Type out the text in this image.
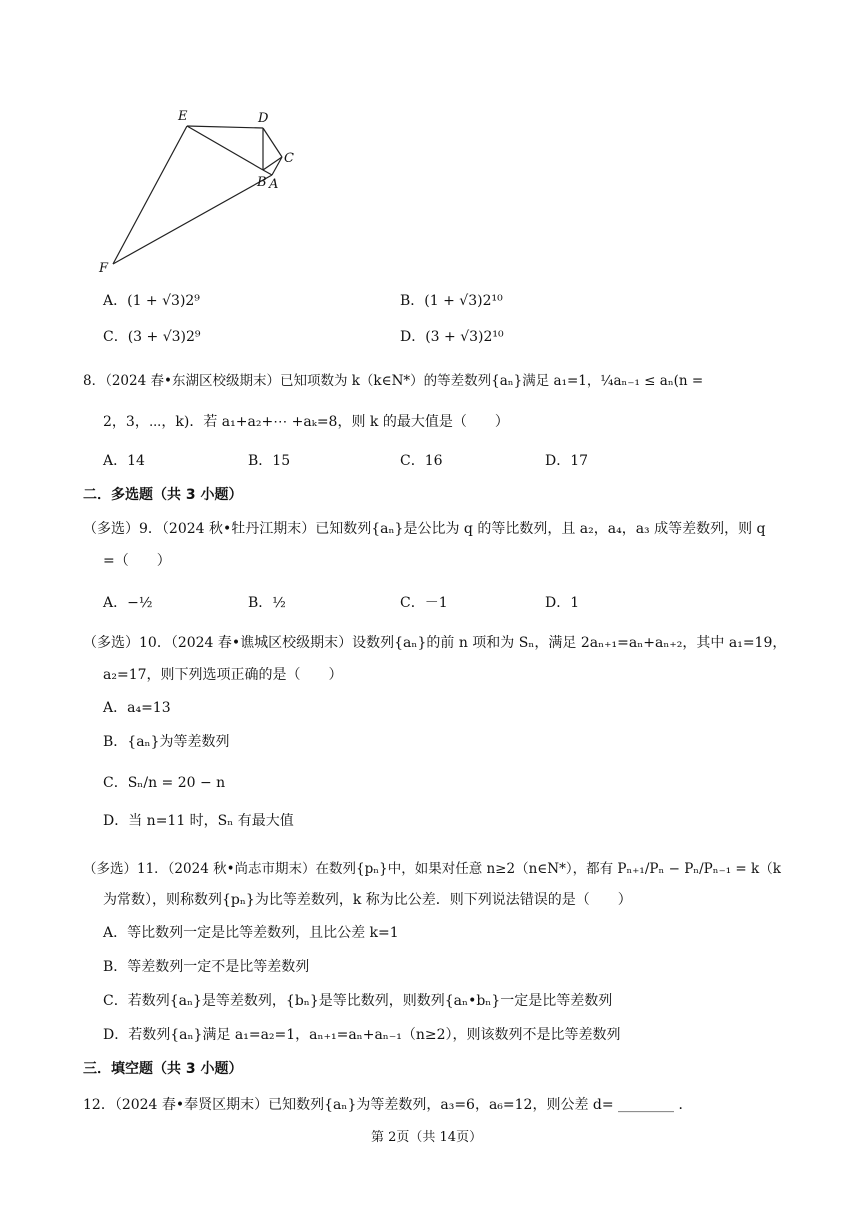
E	D
C
B A
F
A．(1 + √3)2⁹	B．(1 + √3)2¹⁰
C．(3 + √3)2⁹	D．(3 + √3)2¹⁰
8．（2024 春•东湖区校级期末）已知项数为 k（k∈N*）的等差数列{aₙ}满足 a₁=1，¼aₙ₋₁ ≤ aₙ(n =
2，3，⋯，k)．若 a₁+a₂+⋯ +aₖ=8，则 k 的最大值是（　　）
A．14	B．15	C．16	D．17
二．多选题（共 3 小题）
（多选）9．（2024 秋•牡丹江期末）已知数列{aₙ}是公比为 q 的等比数列，且 a₂，a₄，a₃ 成等差数列，则 q
=（　　）
A．−½	B．½	C．－1	D．1
（多选）10．（2024 春•谯城区校级期末）设数列{aₙ}的前 n 项和为 Sₙ，满足 2aₙ₊₁=aₙ+aₙ₊₂，其中 a₁=19，
a₂=17，则下列选项正确的是（　　）
A．a₄=13
B．{aₙ}为等差数列
C．Sₙ/n = 20 − n
D．当 n=11 时，Sₙ 有最大值
（多选）11．（2024 秋•尚志市期末）在数列{pₙ}中，如果对任意 n≥2（n∈N*），都有 Pₙ₊₁/Pₙ − Pₙ/Pₙ₋₁ = k（k
为常数），则称数列{pₙ}为比等差数列，k 称为比公差．则下列说法错误的是（　　）
A．等比数列一定是比等差数列，且比公差 k=1
B．等差数列一定不是比等差数列
C．若数列{aₙ}是等差数列，{bₙ}是等比数列，则数列{aₙ•bₙ}一定是比等差数列
D．若数列{aₙ}满足 a₁=a₂=1，aₙ₊₁=aₙ+aₙ₋₁（n≥2），则该数列不是比等差数列
三．填空题（共 3 小题）
12．（2024 春•奉贤区期末）已知数列{aₙ}为等差数列，a₃=6，a₆=12，则公差 d= ________ ．
第 2页（共 14页）
